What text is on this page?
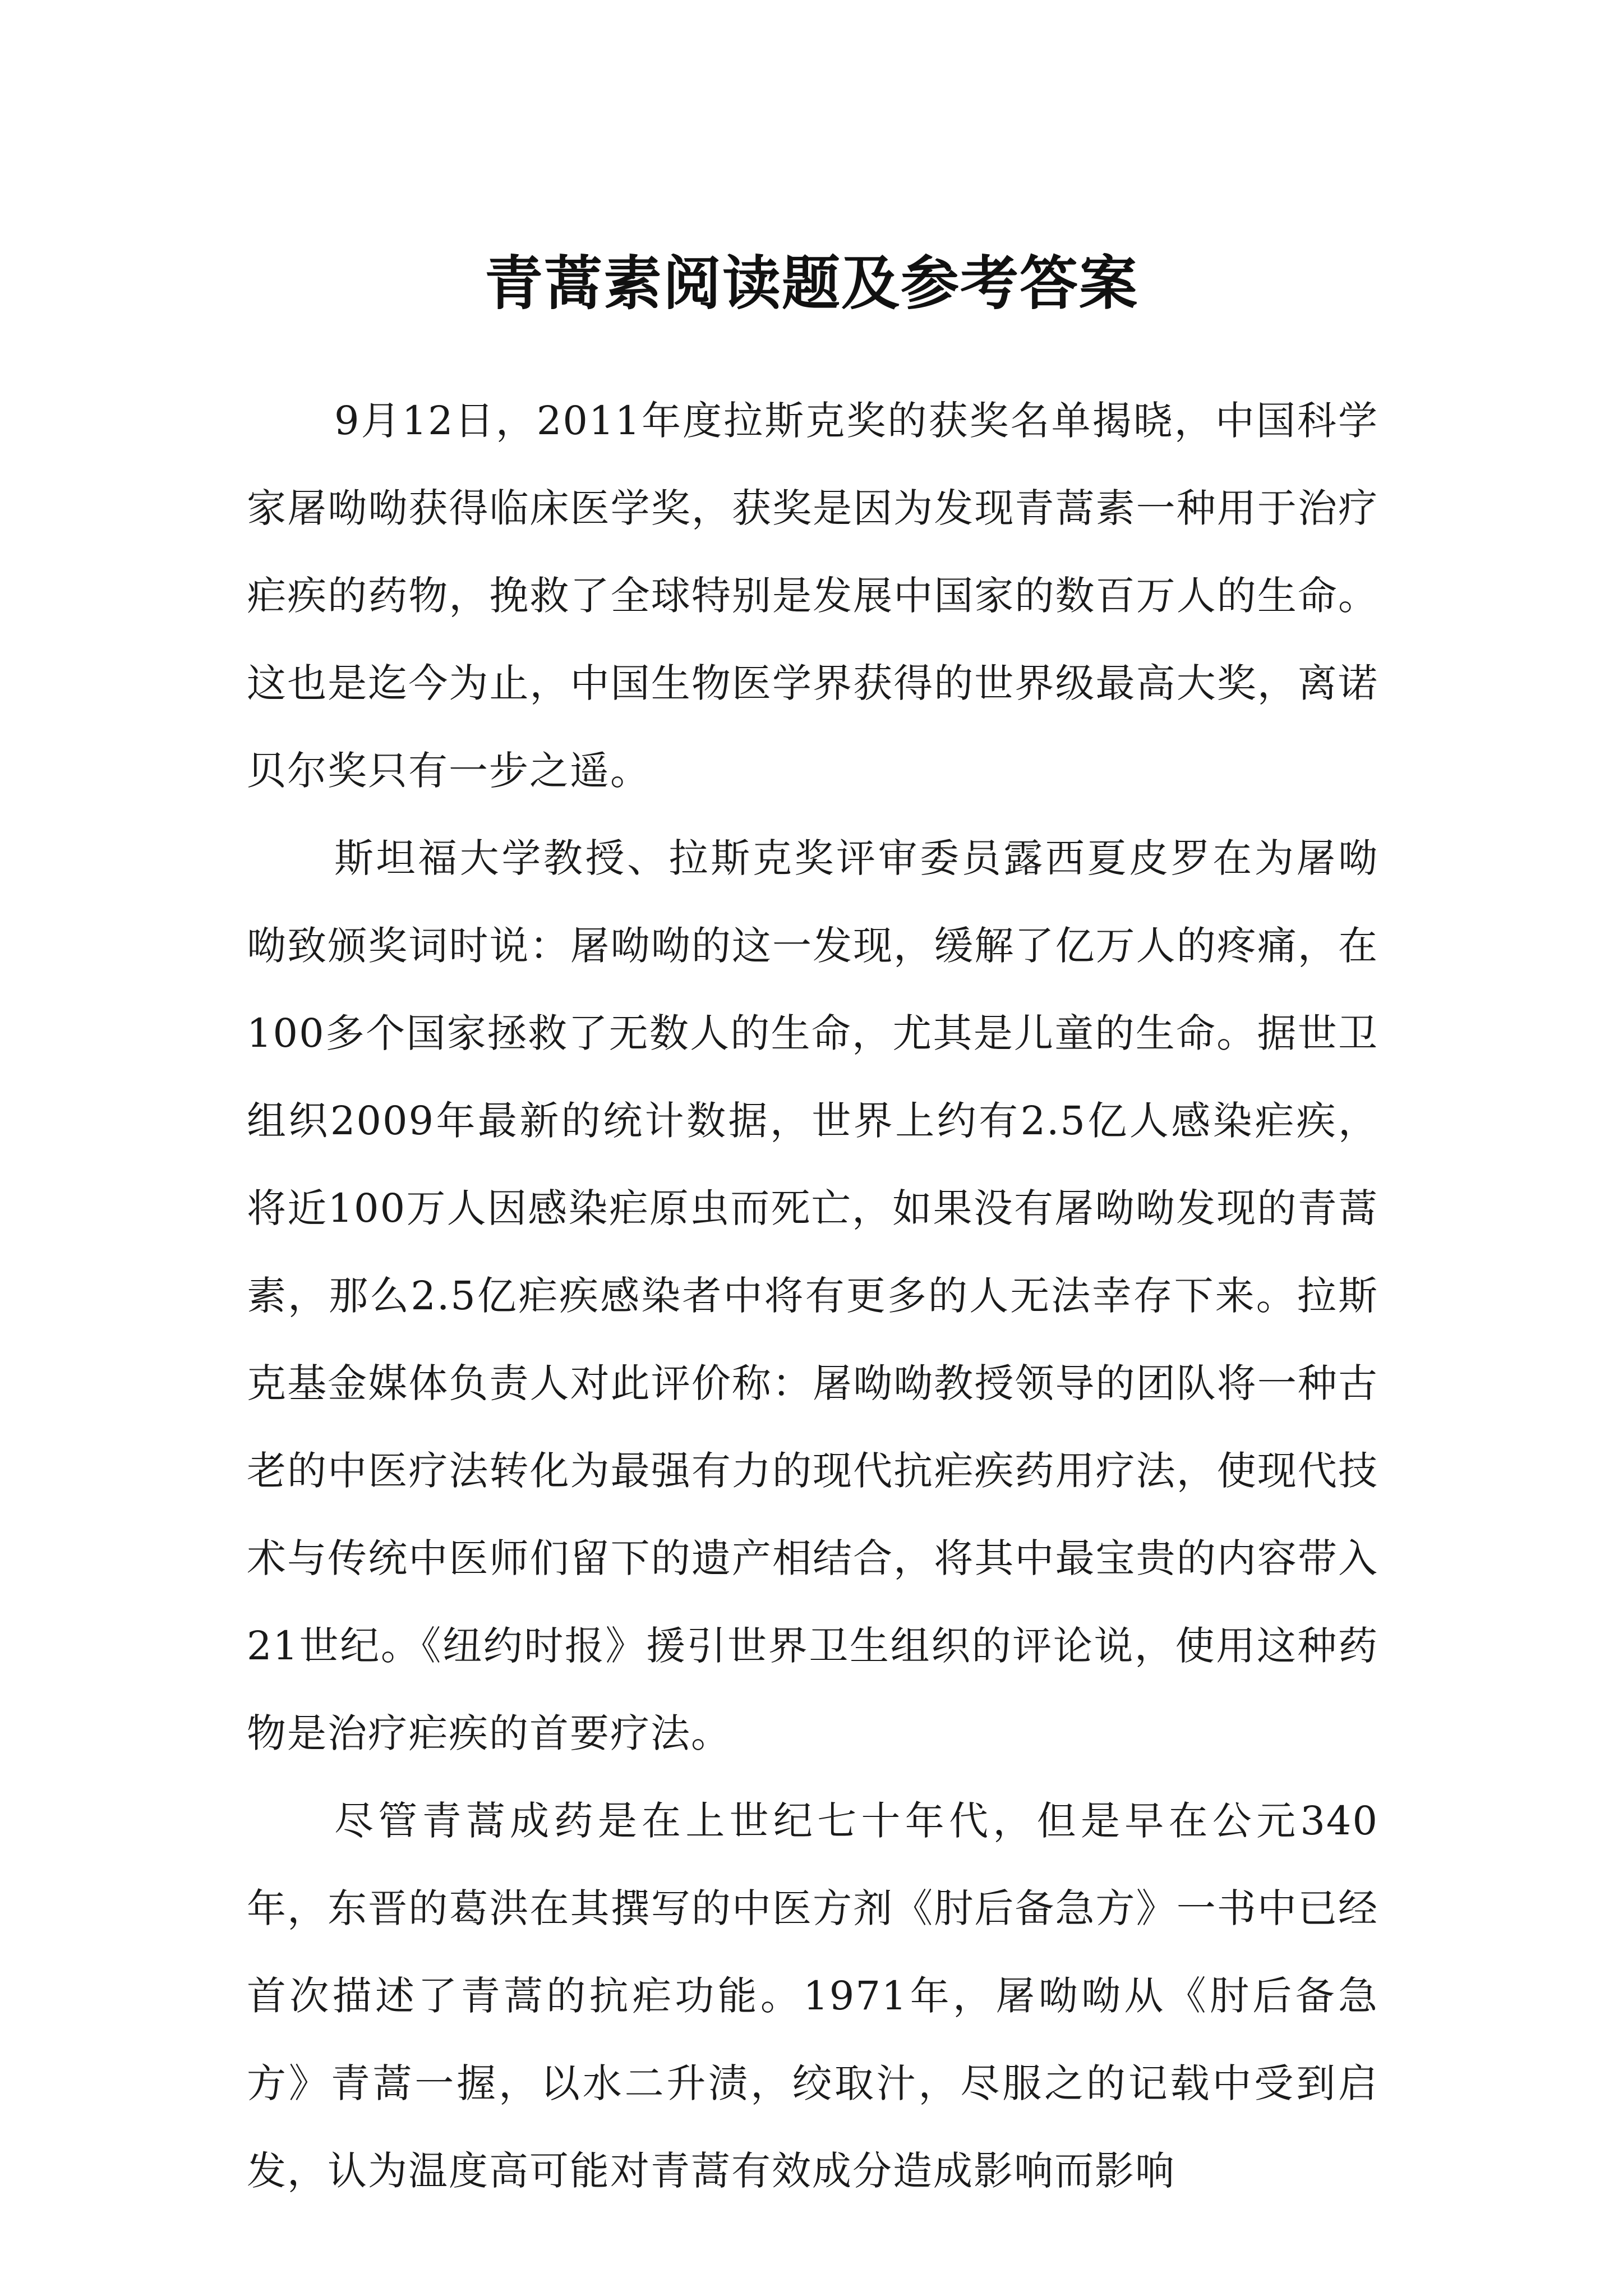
青蒿素阅读题及参考答案

9月12日，2011年度拉斯克奖的获奖名单揭晓，中国科学家屠呦呦获得临床医学奖，获奖是因为发现青蒿素一种用于治疗疟疾的药物，挽救了全球特别是发展中国家的数百万人的生命。这也是迄今为止，中国生物医学界获得的世界级最高大奖，离诺贝尔奖只有一步之遥。

斯坦福大学教授、拉斯克奖评审委员露西夏皮罗在为屠呦呦致颁奖词时说：屠呦呦的这一发现，缓解了亿万人的疼痛，在100多个国家拯救了无数人的生命，尤其是儿童的生命。据世卫组织2009年最新的统计数据，世界上约有2.5亿人感染疟疾，将近100万人因感染疟原虫而死亡，如果没有屠呦呦发现的青蒿素，那么2.5亿疟疾感染者中将有更多的人无法幸存下来。拉斯克基金媒体负责人对此评价称：屠呦呦教授领导的团队将一种古老的中医疗法转化为最强有力的现代抗疟疾药用疗法，使现代技术与传统中医师们留下的遗产相结合，将其中最宝贵的内容带入21世纪。《纽约时报》援引世界卫生组织的评论说，使用这种药物是治疗疟疾的首要疗法。

尽管青蒿成药是在上世纪七十年代，但是早在公元340年，东晋的葛洪在其撰写的中医方剂《肘后备急方》一书中已经首次描述了青蒿的抗疟功能。1971年，屠呦呦从《肘后备急方》青蒿一握，以水二升渍，绞取汁，尽服之的记载中受到启发，认为温度高可能对青蒿有效成分造成影响而影响
